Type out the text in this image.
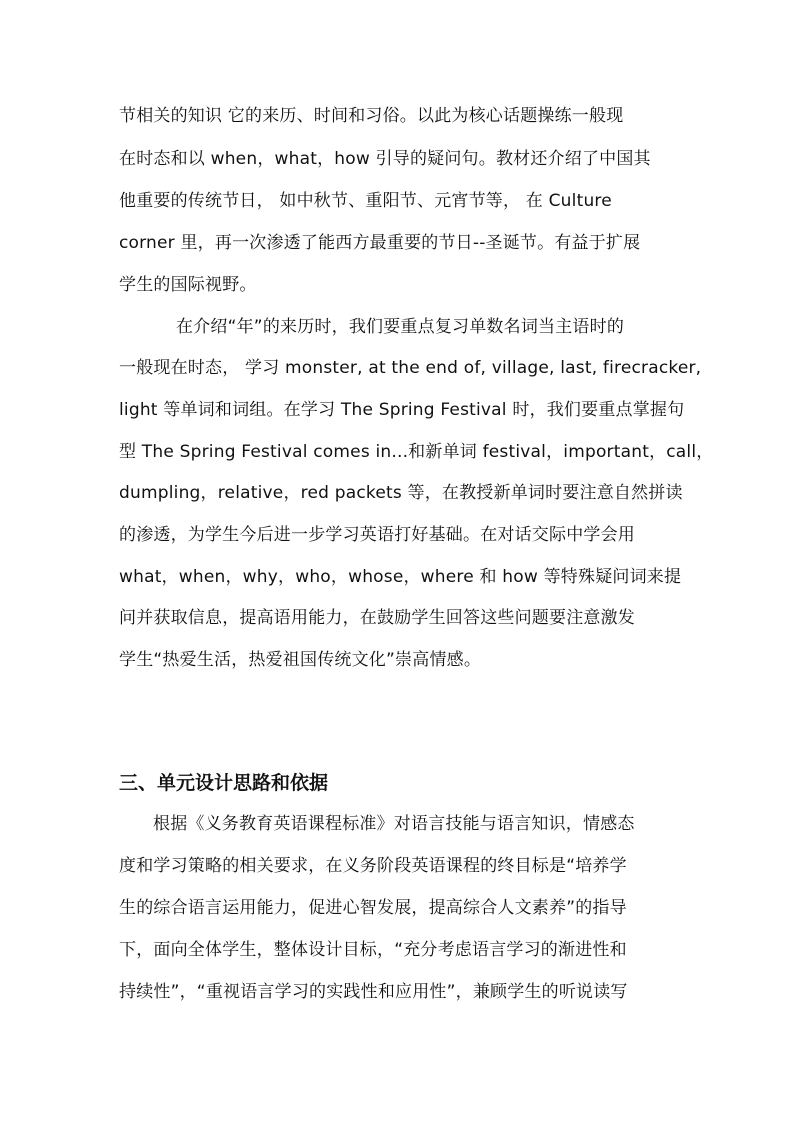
节相关的知识 它的来历、时间和习俗。以此为核心话题操练一般现
在时态和以 when，what，how 引导的疑问句。教材还介绍了中国其
他重要的传统节日， 如中秋节、重阳节、元宵节等， 在 Culture
corner 里，再一次渗透了能西方最重要的节日--圣诞节。有益于扩展
学生的国际视野。
在介绍“年”的来历时，我们要重点复习单数名词当主语时的
一般现在时态， 学习 monster, at the end of, village, last, firecracker,
light 等单词和词组。在学习 The Spring Festival 时，我们要重点掌握句
型 The Spring Festival comes in...和新单词 festival，important，call，
dumpling，relative，red packets 等，在教授新单词时要注意自然拼读
的渗透，为学生今后进一步学习英语打好基础。在对话交际中学会用
what，when，why，who，whose，where 和 how 等特殊疑问词来提
问并获取信息，提高语用能力，在鼓励学生回答这些问题要注意激发
学生“热爱生活，热爱祖国传统文化”崇高情感。
三、单元设计思路和依据
根据《义务教育英语课程标准》对语言技能与语言知识，情感态
度和学习策略的相关要求，在义务阶段英语课程的终目标是“培养学
生的综合语言运用能力，促进心智发展，提高综合人文素养”的指导
下，面向全体学生，整体设计目标，“充分考虑语言学习的渐进性和
持续性”，“重视语言学习的实践性和应用性”，兼顾学生的听说读写
